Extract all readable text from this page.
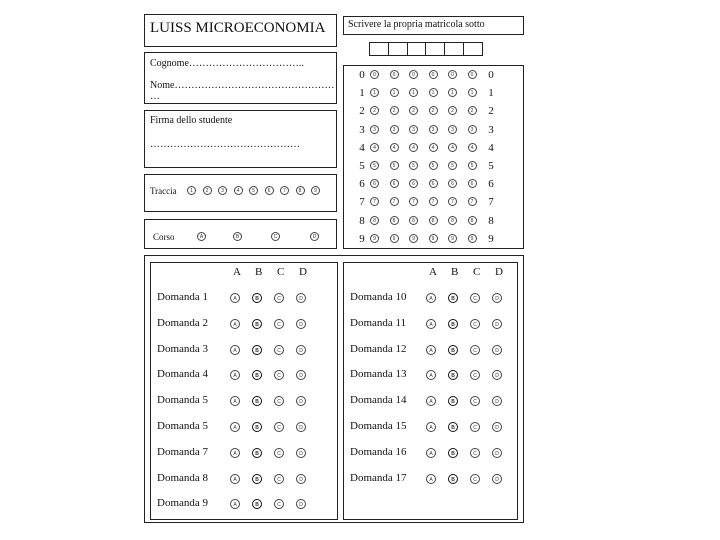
LUISS MICROECONOMIA Scrivere la propria matricola sotto
Cognome……………………………..
Nome…………………………………………
…
Firma dello studente
………………………………………
Traccia	1	2	3	4	5	6	7	8	9
Corso	A	B	C	D
0	0	0	0	0	0	0 0
1	1	1	1	1	1	1 1
2	2	2	2	2	2	2 2
3	3	3	3	3	3	3 3
4	4	4	4	4	4	4 4
5	5	5	5	5	5	5 5
6	6	6	6	6	6	6 6
7	7	7	7	7	7	7 7
8	8	8	8	8	8	8 8
9	9	9	9	9	9	9 9
A B C D	A B C D
Domanda 1	A	B	C	D
Domanda 2	A	B	C	D
Domanda 3	A	B	C	D
Domanda 4	A	B	C	D
Domanda 5	A	B	C	D
Domanda 5	A	B	C	D
Domanda 7	A	B	C	D
Domanda 8	A	B	C	D
Domanda 9	A	B	C	D
Domanda 10	A	B	C	D
Domanda 11	A	B	C	D
Domanda 12	A	B	C	D
Domanda 13	A	B	C	D
Domanda 14	A	B	C	D
Domanda 15	A	B	C	D
Domanda 16	A	B	C	D
Domanda 17	A	B	C	D
